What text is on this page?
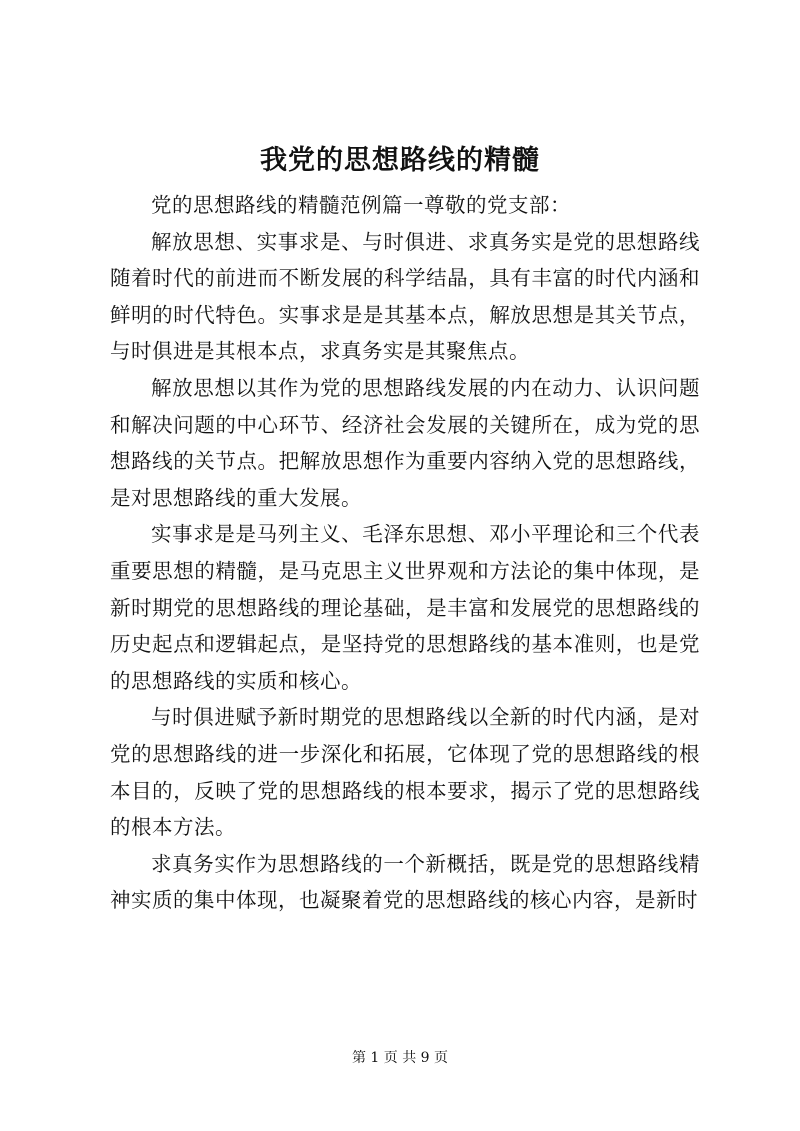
我党的思想路线的精髓

党的思想路线的精髓范例篇一尊敬的党支部：

解放思想、实事求是、与时俱进、求真务实是党的思想路线随着时代的前进而不断发展的科学结晶，具有丰富的时代内涵和鲜明的时代特色。实事求是是其基本点，解放思想是其关节点，与时俱进是其根本点，求真务实是其聚焦点。

解放思想以其作为党的思想路线发展的内在动力、认识问题和解决问题的中心环节、经济社会发展的关键所在，成为党的思想路线的关节点。把解放思想作为重要内容纳入党的思想路线，是对思想路线的重大发展。

实事求是是马列主义、毛泽东思想、邓小平理论和三个代表重要思想的精髓，是马克思主义世界观和方法论的集中体现，是新时期党的思想路线的理论基础，是丰富和发展党的思想路线的历史起点和逻辑起点，是坚持党的思想路线的基本准则，也是党的思想路线的实质和核心。

与时俱进赋予新时期党的思想路线以全新的时代内涵，是对党的思想路线的进一步深化和拓展，它体现了党的思想路线的根本目的，反映了党的思想路线的根本要求，揭示了党的思想路线的根本方法。

求真务实作为思想路线的一个新概括，既是党的思想路线精神实质的集中体现，也凝聚着党的思想路线的核心内容，是新时

第 1 页 共 9 页
